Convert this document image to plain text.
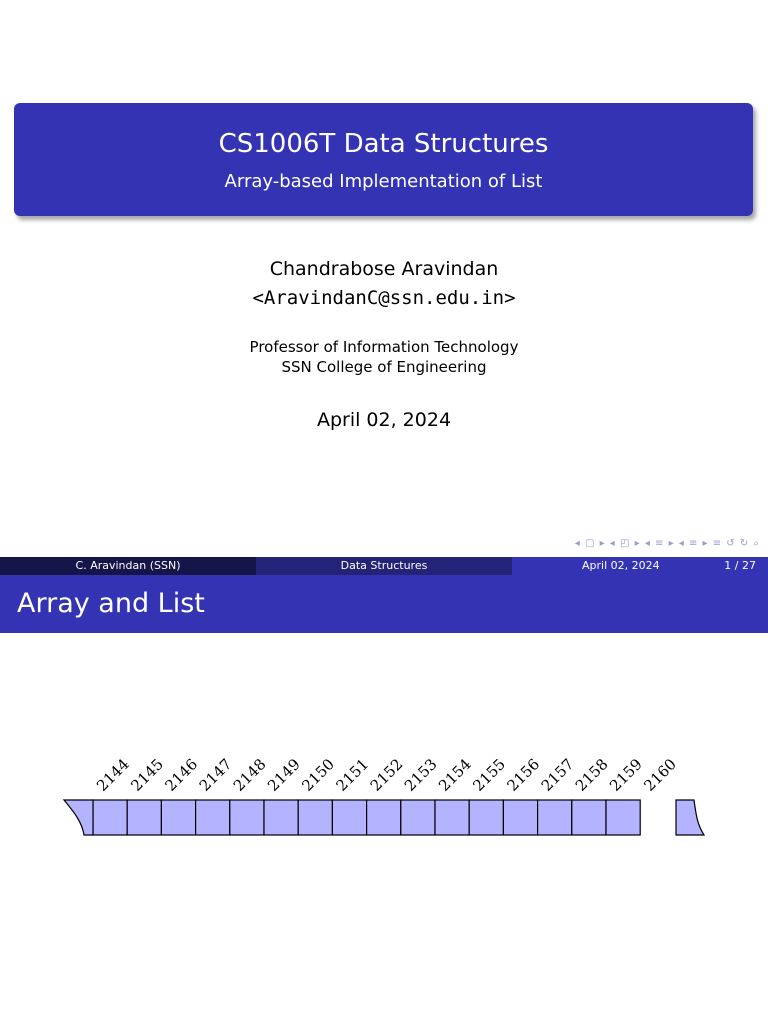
CS1006T Data Structures
Array-based Implementation of List
Chandrabose Aravindan
<AravindanC@ssn.edu.in>
Professor of Information Technology
SSN College of Engineering
April 02, 2024
◂ ▢ ▸ ◂ ◰ ▸ ◂ ≡ ▸ ◂ ≡ ▸ ≡ ↺ ↻ ⌕
C. Aravindan (SSN)	Data Structures	April 02, 2024	1 / 27
Array and List
2144
2145
2146
2147
2148
2149
2150
2151
2152
2153
2154
2155
2156
2157
2158
2159
2160
